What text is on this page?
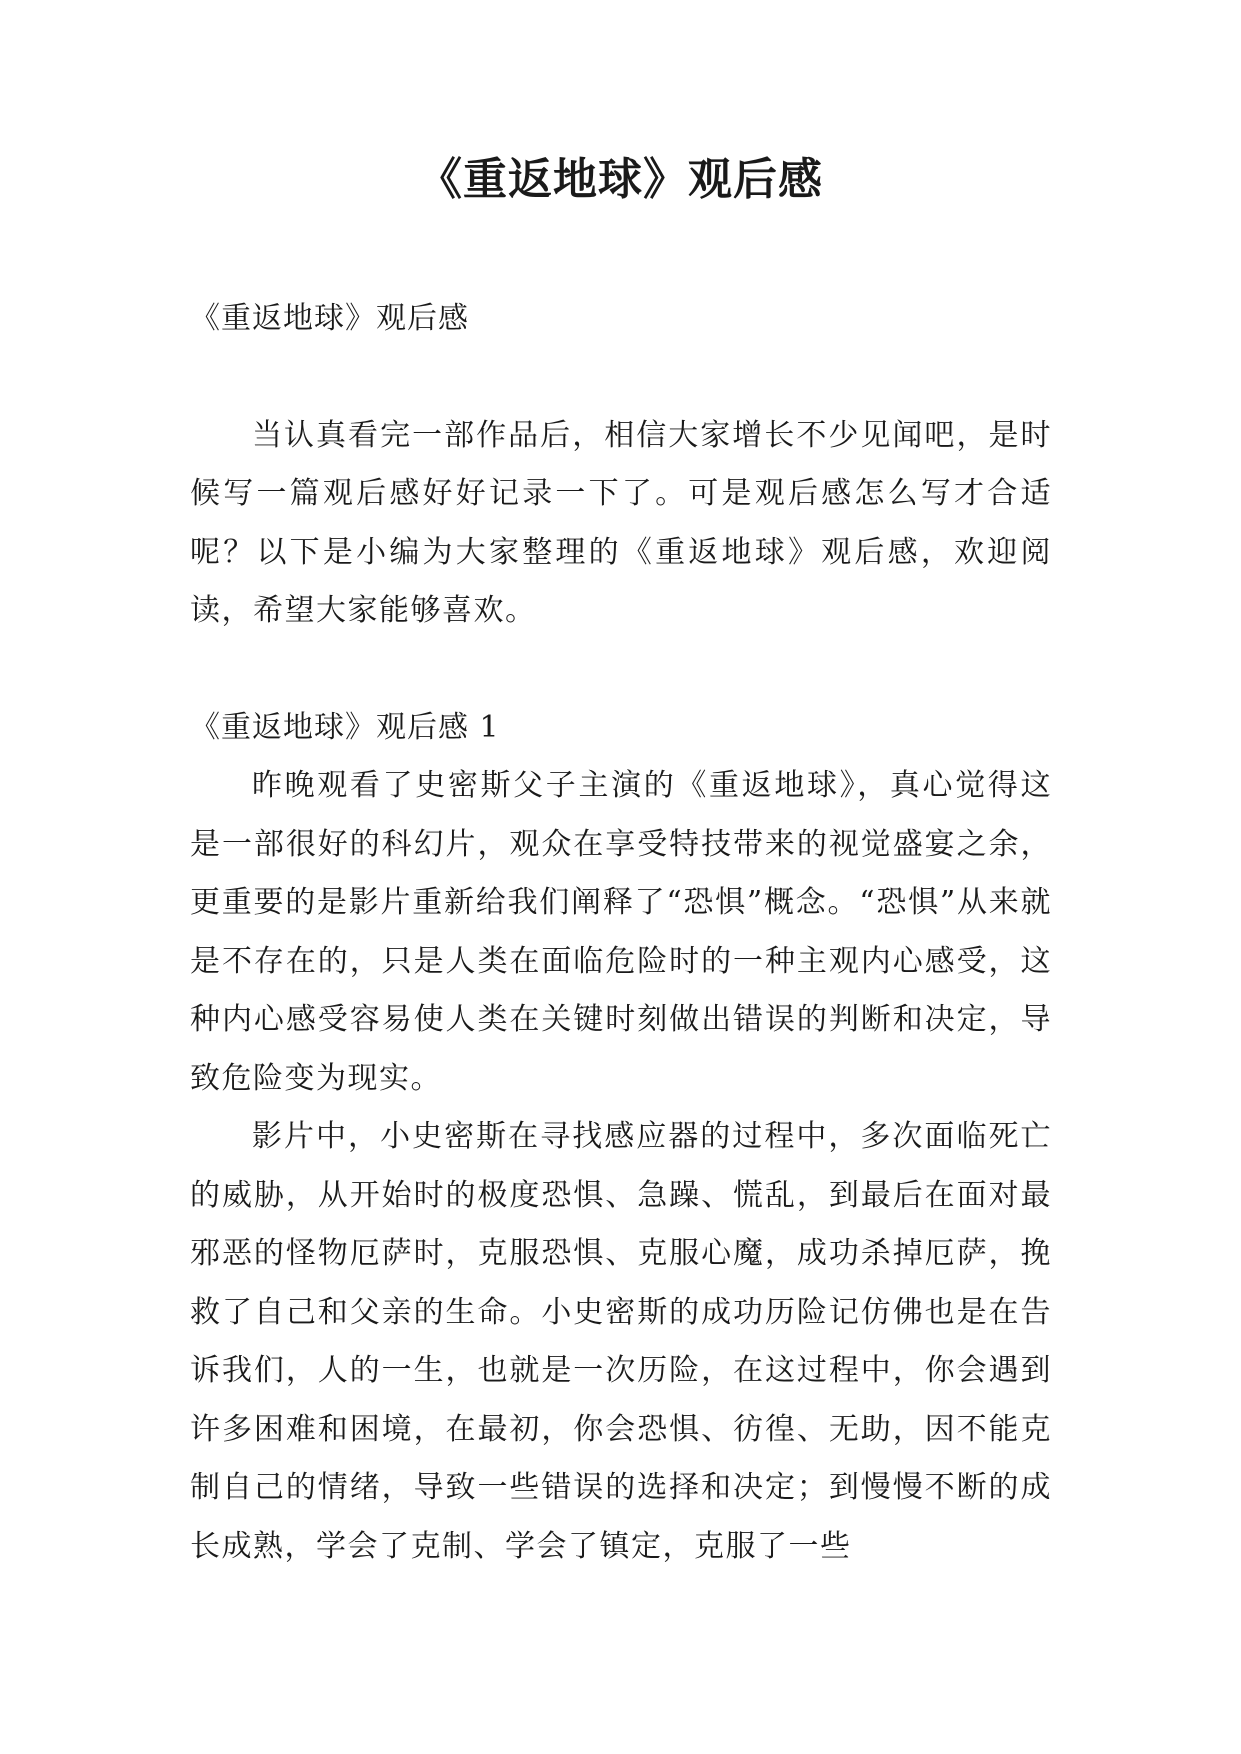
《重返地球》观后感

《重返地球》观后感

当认真看完一部作品后，相信大家增长不少见闻吧，是时候写一篇观后感好好记录一下了。可是观后感怎么写才合适呢？以下是小编为大家整理的《重返地球》观后感，欢迎阅读，希望大家能够喜欢。

《重返地球》观后感 1

昨晚观看了史密斯父子主演的《重返地球》，真心觉得这是一部很好的科幻片，观众在享受特技带来的视觉盛宴之余，更重要的是影片重新给我们阐释了“恐惧”概念。“恐惧”从来就是不存在的，只是人类在面临危险时的一种主观内心感受，这种内心感受容易使人类在关键时刻做出错误的判断和决定，导致危险变为现实。

影片中，小史密斯在寻找感应器的过程中，多次面临死亡的威胁，从开始时的极度恐惧、急躁、慌乱，到最后在面对最邪恶的怪物厄萨时，克服恐惧、克服心魔，成功杀掉厄萨，挽救了自己和父亲的生命。小史密斯的成功历险记仿佛也是在告诉我们，人的一生，也就是一次历险，在这过程中，你会遇到许多困难和困境，在最初，你会恐惧、彷徨、无助，因不能克制自己的情绪，导致一些错误的选择和决定；到慢慢不断的成长成熟，学会了克制、学会了镇定，克服了一些
